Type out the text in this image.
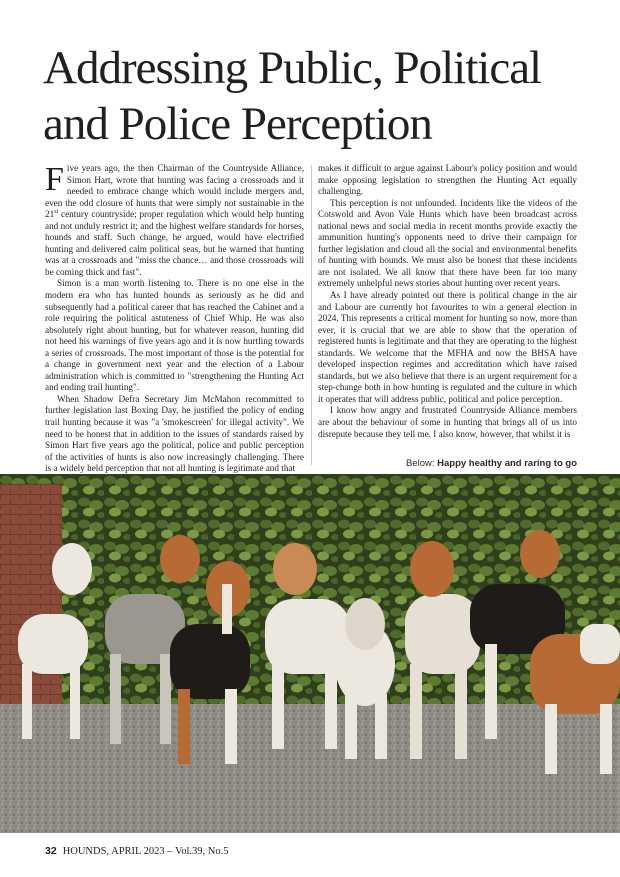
Addressing Public, Political
and Police Perception

Five years ago, the then Chairman of the Countryside Alliance, Simon Hart, wrote that hunting was facing a crossroads and it needed to embrace change which would include mergers and, even the odd closure of hunts that were simply not sustainable in the 21st century countryside; proper regulation which would help hunting and not unduly restrict it; and the highest welfare standards for horses, hounds and staff. Such change, he argued, would have electrified hunting and delivered calm political seas, but he warned that hunting was at a crossroads and "miss the chance… and those crossroads will be coming thick and fast".

Simon is a man worth listening to. There is no one else in the modern era who has hunted hounds as seriously as he did and subsequently had a political career that has reached the Cabinet and a role requiring the political astuteness of Chief Whip. He was also absolutely right about hunting, but for whatever reason, hunting did not heed his warnings of five years ago and it is now hurtling towards a series of crossroads. The most important of those is the potential for a change in government next year and the election of a Labour administration which is committed to "strengthening the Hunting Act and ending trail hunting".

When Shadow Defra Secretary Jim McMahon recommitted to further legislation last Boxing Day, he justified the policy of ending trail hunting because it was "a 'smokescreen' for illegal activity". We need to be honest that in addition to the issues of standards raised by Simon Hart five years ago the political, police and public perception of the activities of hunts is also now increasingly challenging. There is a widely held perception that not all hunting is legitimate and that

makes it difficult to argue against Labour's policy position and would make opposing legislation to strengthen the Hunting Act equally challenging.

This perception is not unfounded. Incidents like the videos of the Cotswold and Avon Vale Hunts which have been broadcast across national news and social media in recent months provide exactly the ammunition hunting's opponents need to drive their campaign for further legislation and cloud all the social and environmental benefits of hunting with hounds. We must also be honest that these incidents are not isolated. We all know that there have been far too many extremely unhelpful news stories about hunting over recent years.

As I have already pointed out there is political change in the air and Labour are currently hot favourites to win a general election in 2024. This represents a critical moment for hunting so now, more than ever, it is crucial that we are able to show that the operation of registered hunts is legitimate and that they are operating to the highest standards. We welcome that the MFHA and now the BHSA have developed inspection regimes and accreditation which have raised standards, but we also believe that there is an urgent requirement for a step-change both in how hunting is regulated and the culture in which it operates that will address public, political and police perception.

I know how angry and frustrated Countryside Alliance members are about the behaviour of some in hunting that brings all of us into disrepute because they tell me. I also know, however, that whilst it is

Below: Happy healthy and raring to go
32 HOUNDS, APRIL 2023 – Vol.39, No.5
